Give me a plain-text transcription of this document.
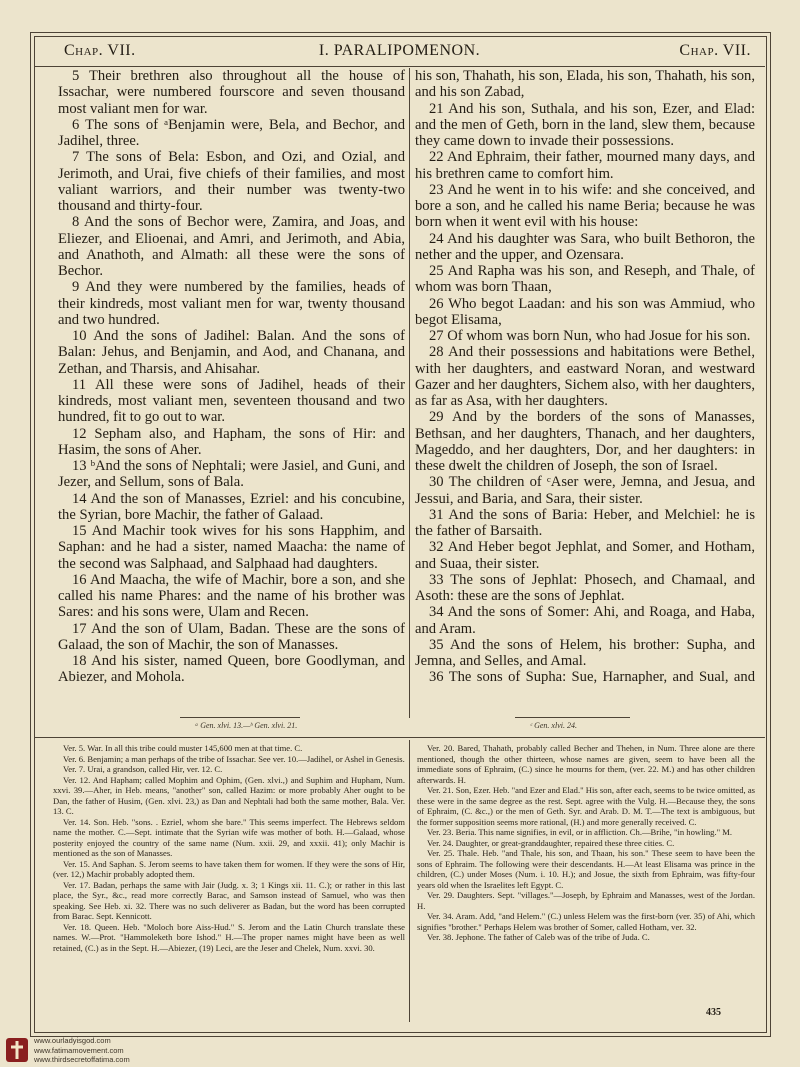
Chap. VII.	I. PARALIPOMENON.	Chap. VII.

5 Their brethren also throughout all the house of Issachar, were numbered fourscore and seven thousand most valiant men for war.

6 The sons of ᵃBenjamin were, Bela, and Bechor, and Jadihel, three.

7 The sons of Bela: Esbon, and Ozi, and Ozial, and Jerimoth, and Urai, five chiefs of their families, and most valiant warriors, and their number was twenty-two thousand and thirty-four.

8 And the sons of Bechor were, Zamira, and Joas, and Eliezer, and Elioenai, and Amri, and Jerimoth, and Abia, and Anathoth, and Almath: all these were the sons of Bechor.

9 And they were numbered by the families, heads of their kindreds, most valiant men for war, twenty thousand and two hundred.

10 And the sons of Jadihel: Balan. And the sons of Balan: Jehus, and Benjamin, and Aod, and Chanana, and Zethan, and Tharsis, and Ahisahar.

11 All these were sons of Jadihel, heads of their kindreds, most valiant men, seventeen thousand and two hundred, fit to go out to war.

12 Sepham also, and Hapham, the sons of Hir: and Hasim, the sons of Aher.

13 ᵇAnd the sons of Nephtali; were Jasiel, and Guni, and Jezer, and Sellum, sons of Bala.

14 And the son of Manasses, Ezriel: and his concubine, the Syrian, bore Machir, the father of Galaad.

15 And Machir took wives for his sons Happhim, and Saphan: and he had a sister, named Maacha: the name of the second was Salphaad, and Salphaad had daughters.

16 And Maacha, the wife of Machir, bore a son, and she called his name Phares: and the name of his brother was Sares: and his sons were, Ulam and Recen.

17 And the son of Ulam, Badan. These are the sons of Galaad, the son of Machir, the son of Manasses.

18 And his sister, named Queen, bore Goodlyman, and Abiezer, and Mohola.

his son, Thahath, his son, Elada, his son, Thahath, his son, and his son Zabad,

21 And his son, Suthala, and his son, Ezer, and Elad: and the men of Geth, born in the land, slew them, because they came down to invade their possessions.

22 And Ephraim, their father, mourned many days, and his brethren came to comfort him.

23 And he went in to his wife: and she conceived, and bore a son, and he called his name Beria; because he was born when it went evil with his house:

24 And his daughter was Sara, who built Bethoron, the nether and the upper, and Ozensara.

25 And Rapha was his son, and Reseph, and Thale, of whom was born Thaan,

26 Who begot Laadan: and his son was Ammiud, who begot Elisama,

27 Of whom was born Nun, who had Josue for his son.

28 And their possessions and habitations were Bethel, with her daughters, and eastward Noran, and westward Gazer and her daughters, Sichem also, with her daughters, as far as Asa, with her daughters.

29 And by the borders of the sons of Manasses, Bethsan, and her daughters, Thanach, and her daughters, Mageddo, and her daughters, Dor, and her daughters: in these dwelt the children of Joseph, the son of Israel.

30 The children of ᶜAser were, Jemna, and Jesua, and Jessui, and Baria, and Sara, their sister.

31 And the sons of Baria: Heber, and Melchiel: he is the father of Barsaith.

32 And Heber begot Jephlat, and Somer, and Hotham, and Suaa, their sister.

33 The sons of Jephlat: Phosech, and Chamaal, and Asoth: these are the sons of Jephlat.

34 And the sons of Somer: Ahi, and Roaga, and Haba, and Aram.

35 And the sons of Helem, his brother: Supha, and Jemna, and Selles, and Amal.

36 The sons of Supha: Sue, Harnapher, and Sual, and

ᵃ Gen. xlvi. 13.—ᵇ Gen. xlvi. 21.	ᶜ Gen. xlvi. 24.

Ver. 5. War. In all this tribe could muster 145,600 men at that time. C.

Ver. 6. Benjamin; a man perhaps of the tribe of Issachar. See ver. 10.—Jadihel, or Ashel in Genesis.

Ver. 7. Urai, a grandson, called Hir, ver. 12. C.

Ver. 12. And Hapham; called Mophim and Ophim, (Gen. xlvi.,) and Suphim and Hupham, Num. xxvi. 39.—Aher, in Heb. means, "another" son, called Hazim: or more probably Aher ought to be Dan, the father of Husim, (Gen. xlvi. 23,) as Dan and Nephtali had both the same mother, Bala. Ver. 13. C.

Ver. 14. Son. Heb. "sons. . Ezriel, whom she bare." This seems imperfect. The Hebrews seldom name the mother. C.—Sept. intimate that the Syrian wife was mother of both. H.—Galaad, whose posterity enjoyed the country of the same name (Num. xxii. 29, and xxxii. 41); only Machir is mentioned as the son of Manasses.

Ver. 15. And Saphan. S. Jerom seems to have taken them for women. If they were the sons of Hir, (ver. 12,) Machir probably adopted them.

Ver. 17. Badan, perhaps the same with Jair (Judg. x. 3; 1 Kings xii. 11. C.); or rather in this last place, the Syr., &c., read more correctly Barac, and Samson instead of Samuel, who was then speaking. See Heb. xi. 32. There was no such deliverer as Badan, but the word has been corrupted from Barac. Sept. Kennicott.

Ver. 18. Queen. Heb. "Moloch bore Aiss-Hud." S. Jerom and the Latin Church translate these names. W.—Prot. "Hammoleketh bore Ishod." H.—The proper names might have been as well retained, (C.) as in the Sept. H.—Abiezer, (19) Leci, are the Jeser and Chelek, Num. xxvi. 30.

Ver. 20. Bared, Thahath, probably called Becher and Thehen, in Num. Three alone are there mentioned, though the other thirteen, whose names are given, seem to have been all the immediate sons of Ephraim, (C.) since he mourns for them, (ver. 22. M.) and has other children afterwards. H.

Ver. 21. Son, Ezer. Heb. "and Ezer and Elad." His son, after each, seems to be twice omitted, as these were in the same degree as the rest. Sept. agree with the Vulg. H.—Because they, the sons of Ephraim, (C. &c.,) or the men of Geth. Syr. and Arab. D. M. T.—The text is ambiguous, but the former supposition seems more rational, (H.) and more generally received. C.

Ver. 23. Beria. This name signifies, in evil, or in affliction. Ch.—Brihe, "in howling." M.

Ver. 24. Daughter, or great-granddaughter, repaired these three cities. C.

Ver. 25. Thale. Heb. "and Thale, his son, and Thaan, his son." These seem to have been the sons of Ephraim. The following were their descendants. H.—At least Elisama was prince in the children, (C.) under Moses (Num. i. 10. H.); and Josue, the sixth from Ephraim, was fifty-four years old when the Israelites left Egypt. C.

Ver. 29. Daughters. Sept. "villages."—Joseph, by Ephraim and Manasses, west of the Jordan. H.

Ver. 34. Aram. Add, "and Helem." (C.) unless Helem was the first-born (ver. 35) of Ahi, which signifies "brother." Perhaps Helem was brother of Somer, called Hotham, ver. 32.

Ver. 38. Jephone. The father of Caleb was of the tribe of Juda. C.

435
www.ourladyisgod.com
www.fatimamovement.com
www.thirdsecretoffatima.com
